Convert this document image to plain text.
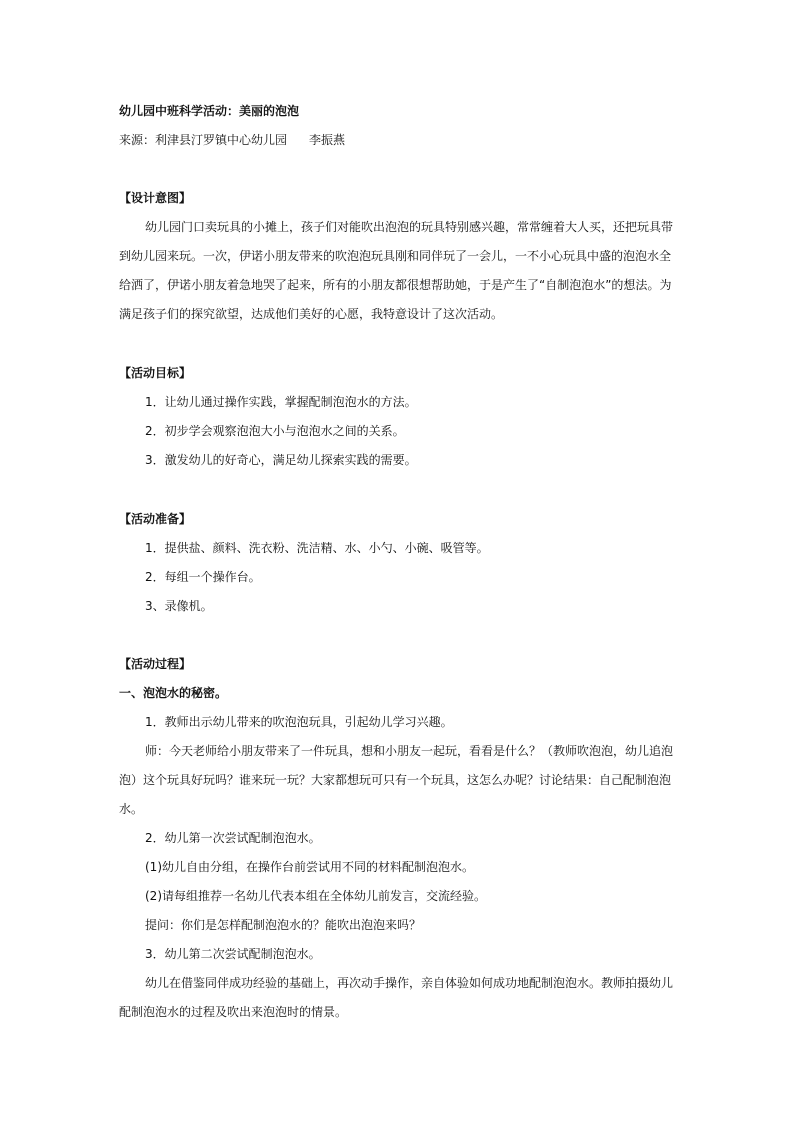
幼儿园中班科学活动：美丽的泡泡
来源：利津县汀罗镇中心幼儿园 李振燕
【设计意图】
幼儿园门口卖玩具的小摊上，孩子们对能吹出泡泡的玩具特别感兴趣，常常缠着大人买，还把玩具带
到幼儿园来玩。一次，伊诺小朋友带来的吹泡泡玩具刚和同伴玩了一会儿，一不小心玩具中盛的泡泡水全
给洒了，伊诺小朋友着急地哭了起来，所有的小朋友都很想帮助她，于是产生了“自制泡泡水”的想法。为
满足孩子们的探究欲望，达成他们美好的心愿，我特意设计了这次活动。
【活动目标】
1．让幼儿通过操作实践，掌握配制泡泡水的方法。
2．初步学会观察泡泡大小与泡泡水之间的关系。
3．激发幼儿的好奇心，满足幼儿探索实践的需要。
【活动准备】
1．提供盐、颜料、洗衣粉、洗洁精、水、小勺、小碗、吸管等。
2．每组一个操作台。
3、录像机。
【活动过程】
一、泡泡水的秘密。
1．教师出示幼儿带来的吹泡泡玩具，引起幼儿学习兴趣。
师：今天老师给小朋友带来了一件玩具，想和小朋友一起玩，看看是什么？（教师吹泡泡，幼儿追泡
泡）这个玩具好玩吗？谁来玩一玩？大家都想玩可只有一个玩具，这怎么办呢？讨论结果：自己配制泡泡
水。
2．幼儿第一次尝试配制泡泡水。
(1)幼儿自由分组，在操作台前尝试用不同的材料配制泡泡水。
(2)请每组推荐一名幼儿代表本组在全体幼儿前发言，交流经验。
提问：你们是怎样配制泡泡水的？能吹出泡泡来吗？
3．幼儿第二次尝试配制泡泡水。
幼儿在借鉴同伴成功经验的基础上，再次动手操作，亲自体验如何成功地配制泡泡水。教师拍摄幼儿
配制泡泡水的过程及吹出来泡泡时的情景。
